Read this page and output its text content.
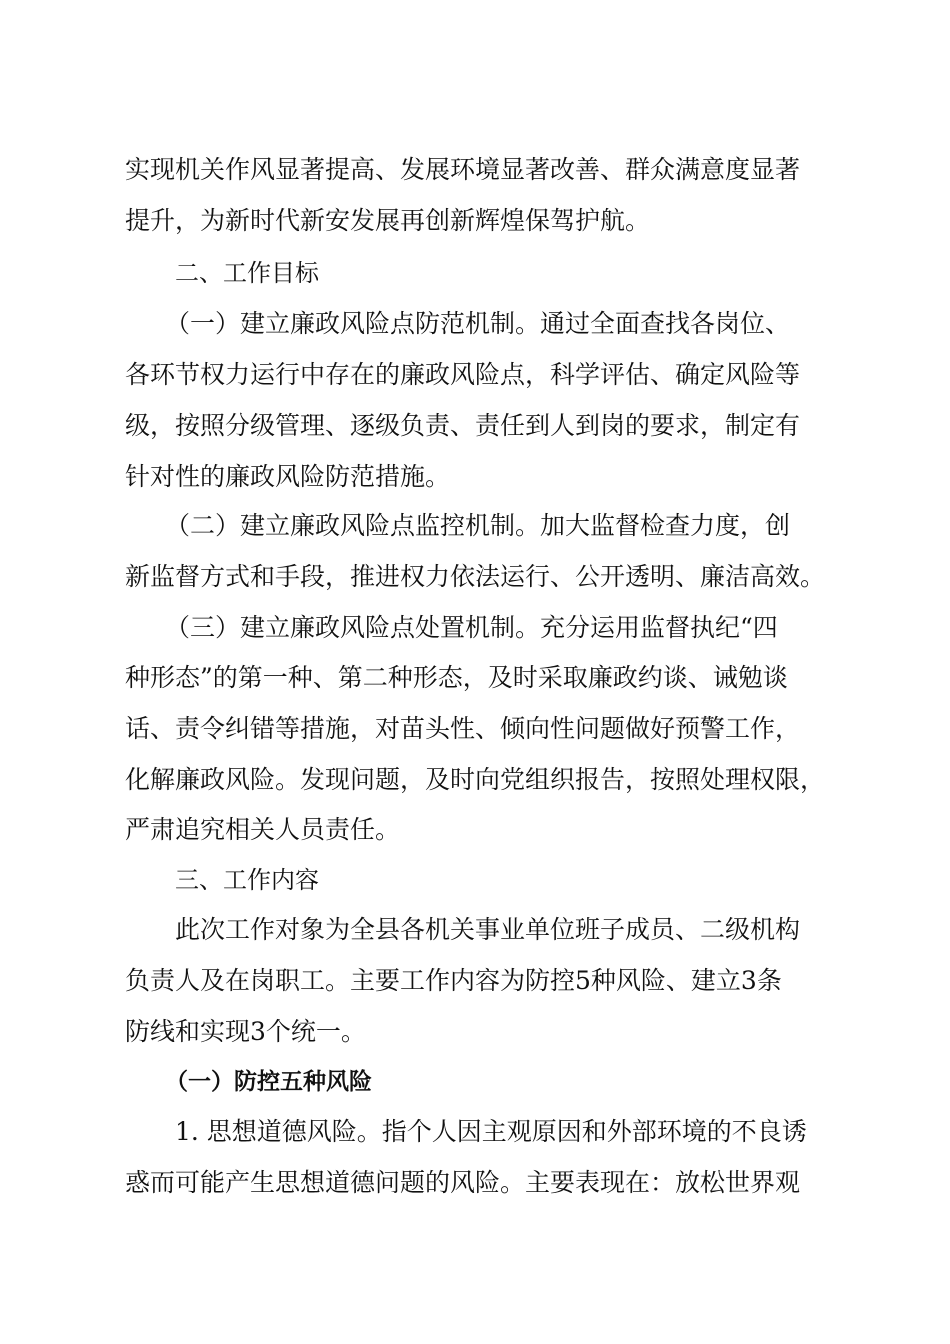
实现机关作风显著提高、发展环境显著改善、群众满意度显著
提升，为新时代新安发展再创新辉煌保驾护航。
二、工作目标
（一）建立廉政风险点防范机制。通过全面查找各岗位、
各环节权力运行中存在的廉政风险点，科学评估、确定风险等
级，按照分级管理、逐级负责、责任到人到岗的要求，制定有
针对性的廉政风险防范措施。
（二）建立廉政风险点监控机制。加大监督检查力度，创
新监督方式和手段，推进权力依法运行、公开透明、廉洁高效。
（三）建立廉政风险点处置机制。充分运用监督执纪“四
种形态”的第一种、第二种形态，及时采取廉政约谈、诫勉谈
话、责令纠错等措施，对苗头性、倾向性问题做好预警工作，
化解廉政风险。发现问题，及时向党组织报告，按照处理权限，
严肃追究相关人员责任。
三、工作内容
此次工作对象为全县各机关事业单位班子成员、二级机构
负责人及在岗职工。主要工作内容为防控5种风险、建立3条
防线和实现3个统一。
（一）防控五种风险
1. 思想道德风险。指个人因主观原因和外部环境的不良诱
惑而可能产生思想道德问题的风险。主要表现在：放松世界观
